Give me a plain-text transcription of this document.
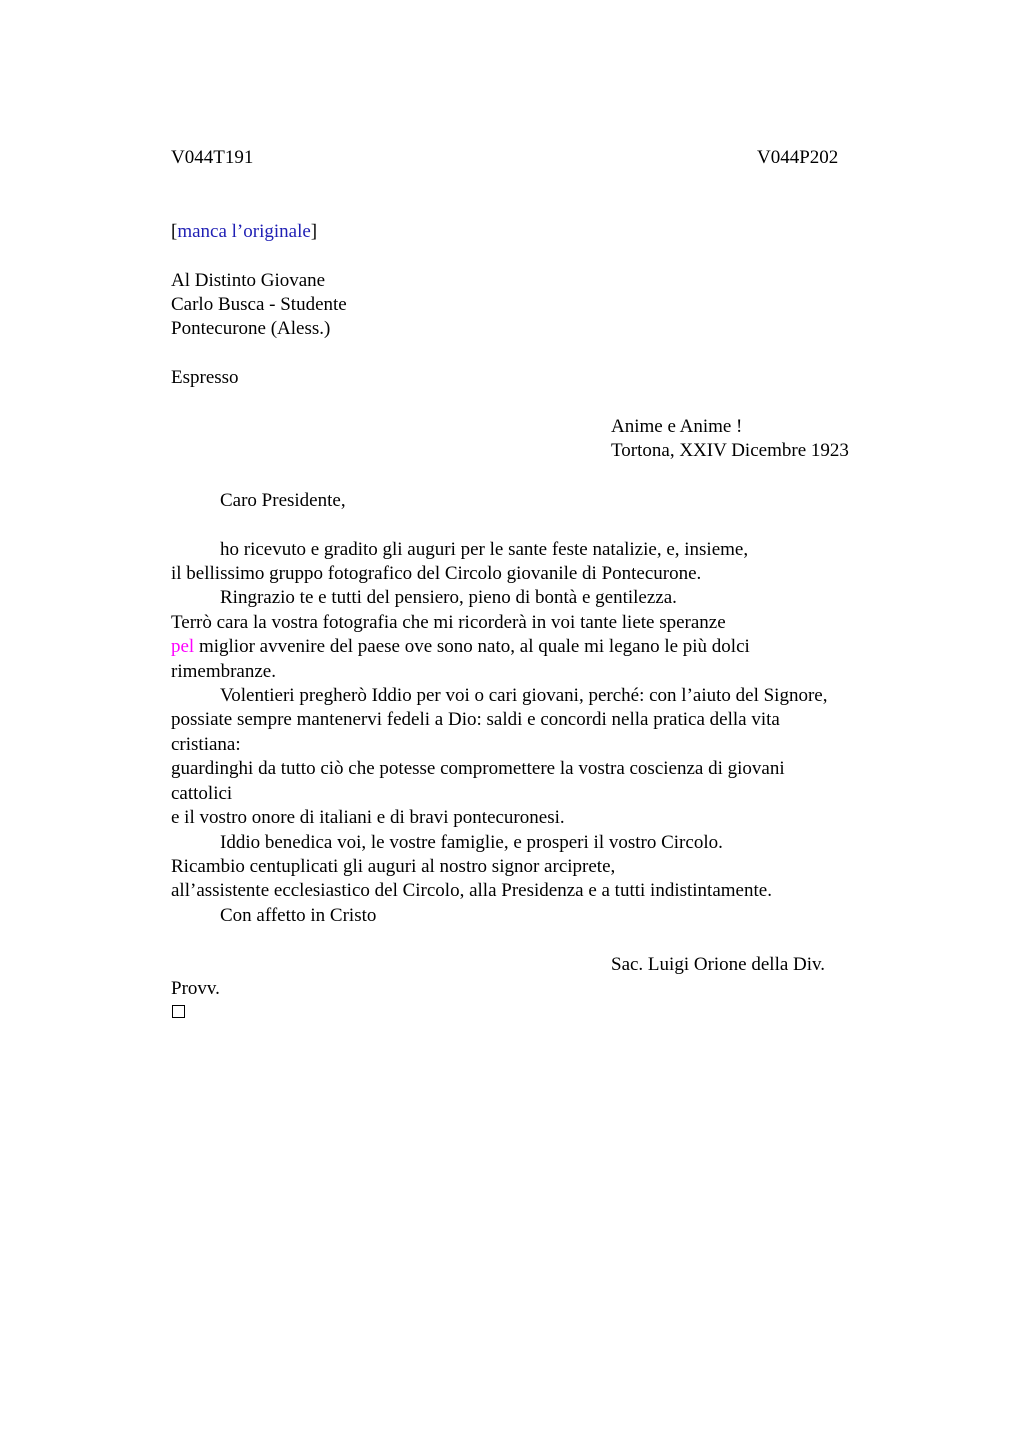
V044T191	V044P202
[manca l’originale]
Al Distinto Giovane
Carlo Busca - Studente
Pontecurone (Aless.)
Espresso
Anime e Anime !
Tortona, XXIV Dicembre 1923
Caro Presidente,
ho ricevuto e gradito gli auguri per le sante feste natalizie, e, insieme,
il bellissimo gruppo fotografico del Circolo giovanile di Pontecurone.
Ringrazio te e tutti del pensiero, pieno di bontà e gentilezza.
Terrò cara la vostra fotografia che mi ricorderà in voi tante liete speranze
pel miglior avvenire del paese ove sono nato, al quale mi legano le più dolci
rimembranze.
Volentieri pregherò Iddio per voi o cari giovani, perché: con l’aiuto del Signore,
possiate sempre mantenervi fedeli a Dio: saldi e concordi nella pratica della vita
cristiana:
guardinghi da tutto ciò che potesse compromettere la vostra coscienza di giovani
cattolici
e il vostro onore di italiani e di bravi pontecuronesi.
Iddio benedica voi, le vostre famiglie, e prosperi il vostro Circolo.
Ricambio centuplicati gli auguri al nostro signor arciprete,
all’assistente ecclesiastico del Circolo, alla Presidenza e a tutti indistintamente.
Con affetto in Cristo
Sac. Luigi Orione della Div.
Provv.
